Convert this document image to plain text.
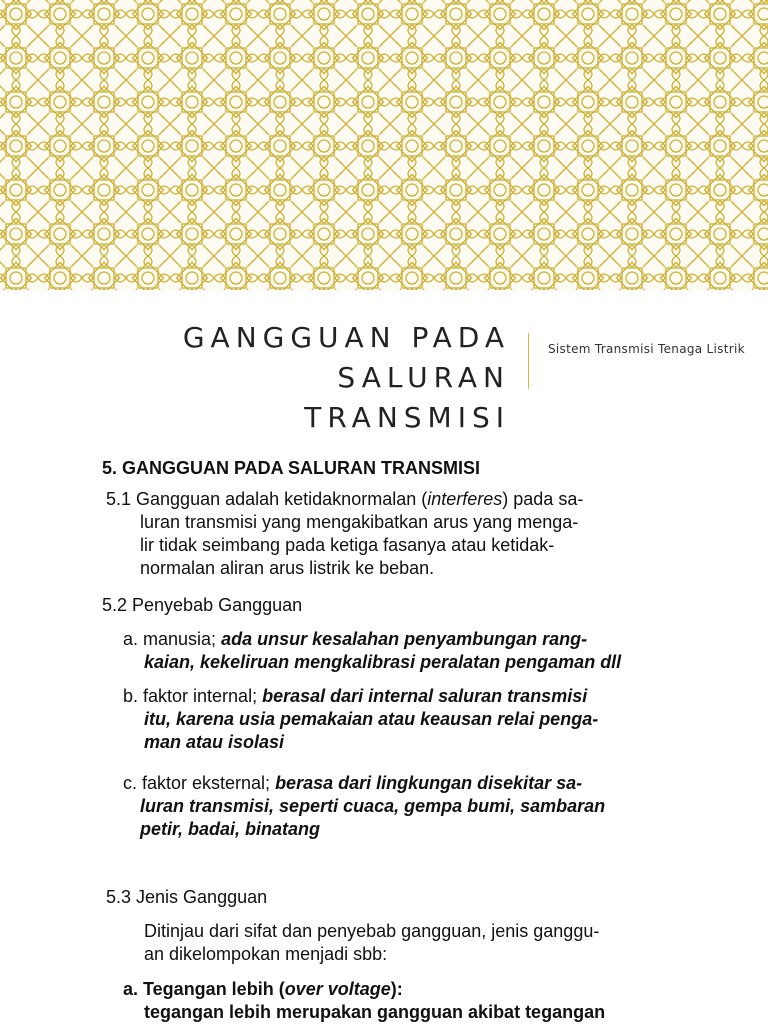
GANGGUAN PADA SALURAN
TRANSMISI
Sistem Transmisi Tenaga Listrik

5. GANGGUAN PADA SALURAN TRANSMISI

5.1 Gangguan adalah ketidaknormalan (interferes) pada sa-
luran transmisi yang mengakibatkan arus yang menga-
lir tidak seimbang pada ketiga fasanya atau ketidak-
normalan aliran arus listrik ke beban.

5.2 Penyebab Gangguan

a. manusia; ada unsur kesalahan penyambungan rang-
kaian, kekeliruan mengkalibrasi peralatan pengaman dll
b. faktor internal; berasal dari internal saluran transmisi
itu, karena usia pemakaian atau keausan relai penga-
man atau isolasi
c. faktor eksternal; berasa dari lingkungan disekitar sa-
luran transmisi, seperti cuaca, gempa bumi, sambaran
petir, badai, binatang

5.3 Jenis Gangguan

Ditinjau dari sifat dan penyebab gangguan, jenis ganggu-
an dikelompokan menjadi sbb:
a. Tegangan lebih (over voltage):
tegangan lebih merupakan gangguan akibat tegangan
